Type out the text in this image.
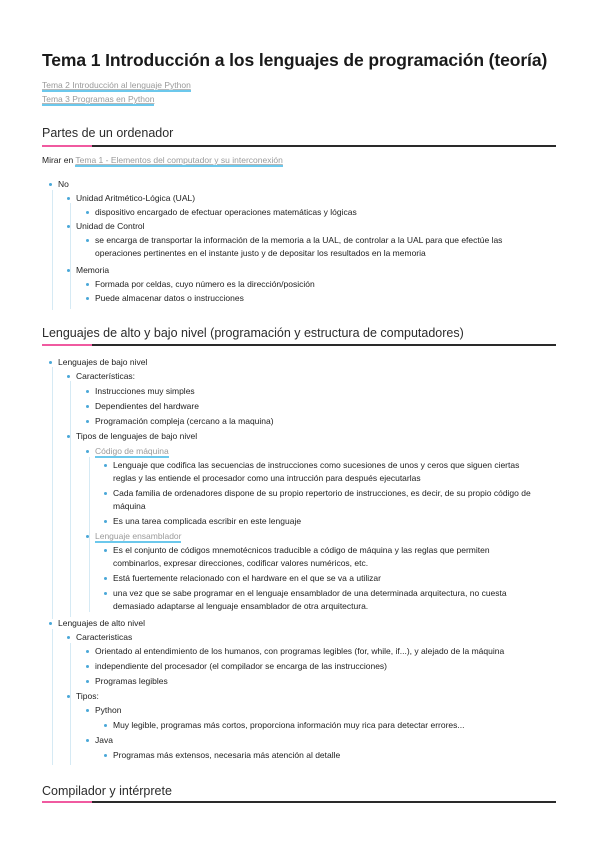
Tema 1 Introducción a los lenguajes de programación (teoría)
Tema 2 Introducción al lenguaje Python
Tema 3 Programas en Python
Partes de un ordenador
Mirar en Tema 1 - Elementos del computador y su interconexión
No
Unidad Aritmético-Lógica (UAL)
dispositivo encargado de efectuar operaciones matemáticas y lógicas
Unidad de Control
se encarga de transportar la información de la memoria a la UAL, de controlar a la UAL para que efectúe las operaciones pertinentes en el instante justo y de depositar los resultados en la memoria
Memoria
Formada por celdas, cuyo número es la dirección/posición
Puede almacenar datos o instrucciones
Lenguajes de alto y bajo nivel (programación y estructura de computadores)
Lenguajes de bajo nivel
Características:
Instrucciones muy simples
Dependientes del hardware
Programación compleja (cercano a la maquina)
Tipos de lenguajes de bajo nivel
Código de máquina
Lenguaje que codifica las secuencias de instrucciones como sucesiones de unos y ceros que siguen ciertas reglas y las entiende el procesador como una intrucción para después ejecutarlas
Cada familia de ordenadores dispone de su propio repertorio de instrucciones, es decir, de su propio código de máquina
Es una tarea complicada escribir en este lenguaje
Lenguaje ensamblador
Es el conjunto de códigos mnemotécnicos traducible a código de máquina y las reglas que permiten combinarlos, expresar direcciones, codificar valores numéricos, etc.
Está fuertemente relacionado con el hardware en el que se va a utilizar
una vez que se sabe programar en el lenguaje ensamblador de una determinada arquitectura, no cuesta demasiado adaptarse al lenguaje ensamblador de otra arquitectura.
Lenguajes de alto nivel
Caracteristicas
Orientado al entendimiento de los humanos, con programas legibles (for, while, if...), y alejado de la máquina
independiente del procesador (el compilador se encarga de las instrucciones)
Programas legibles
Tipos:
Python
Muy legible, programas más cortos, proporciona información muy rica para detectar errores...
Java
Programas más extensos, necesaria más atención al detalle
Compilador y intérprete
